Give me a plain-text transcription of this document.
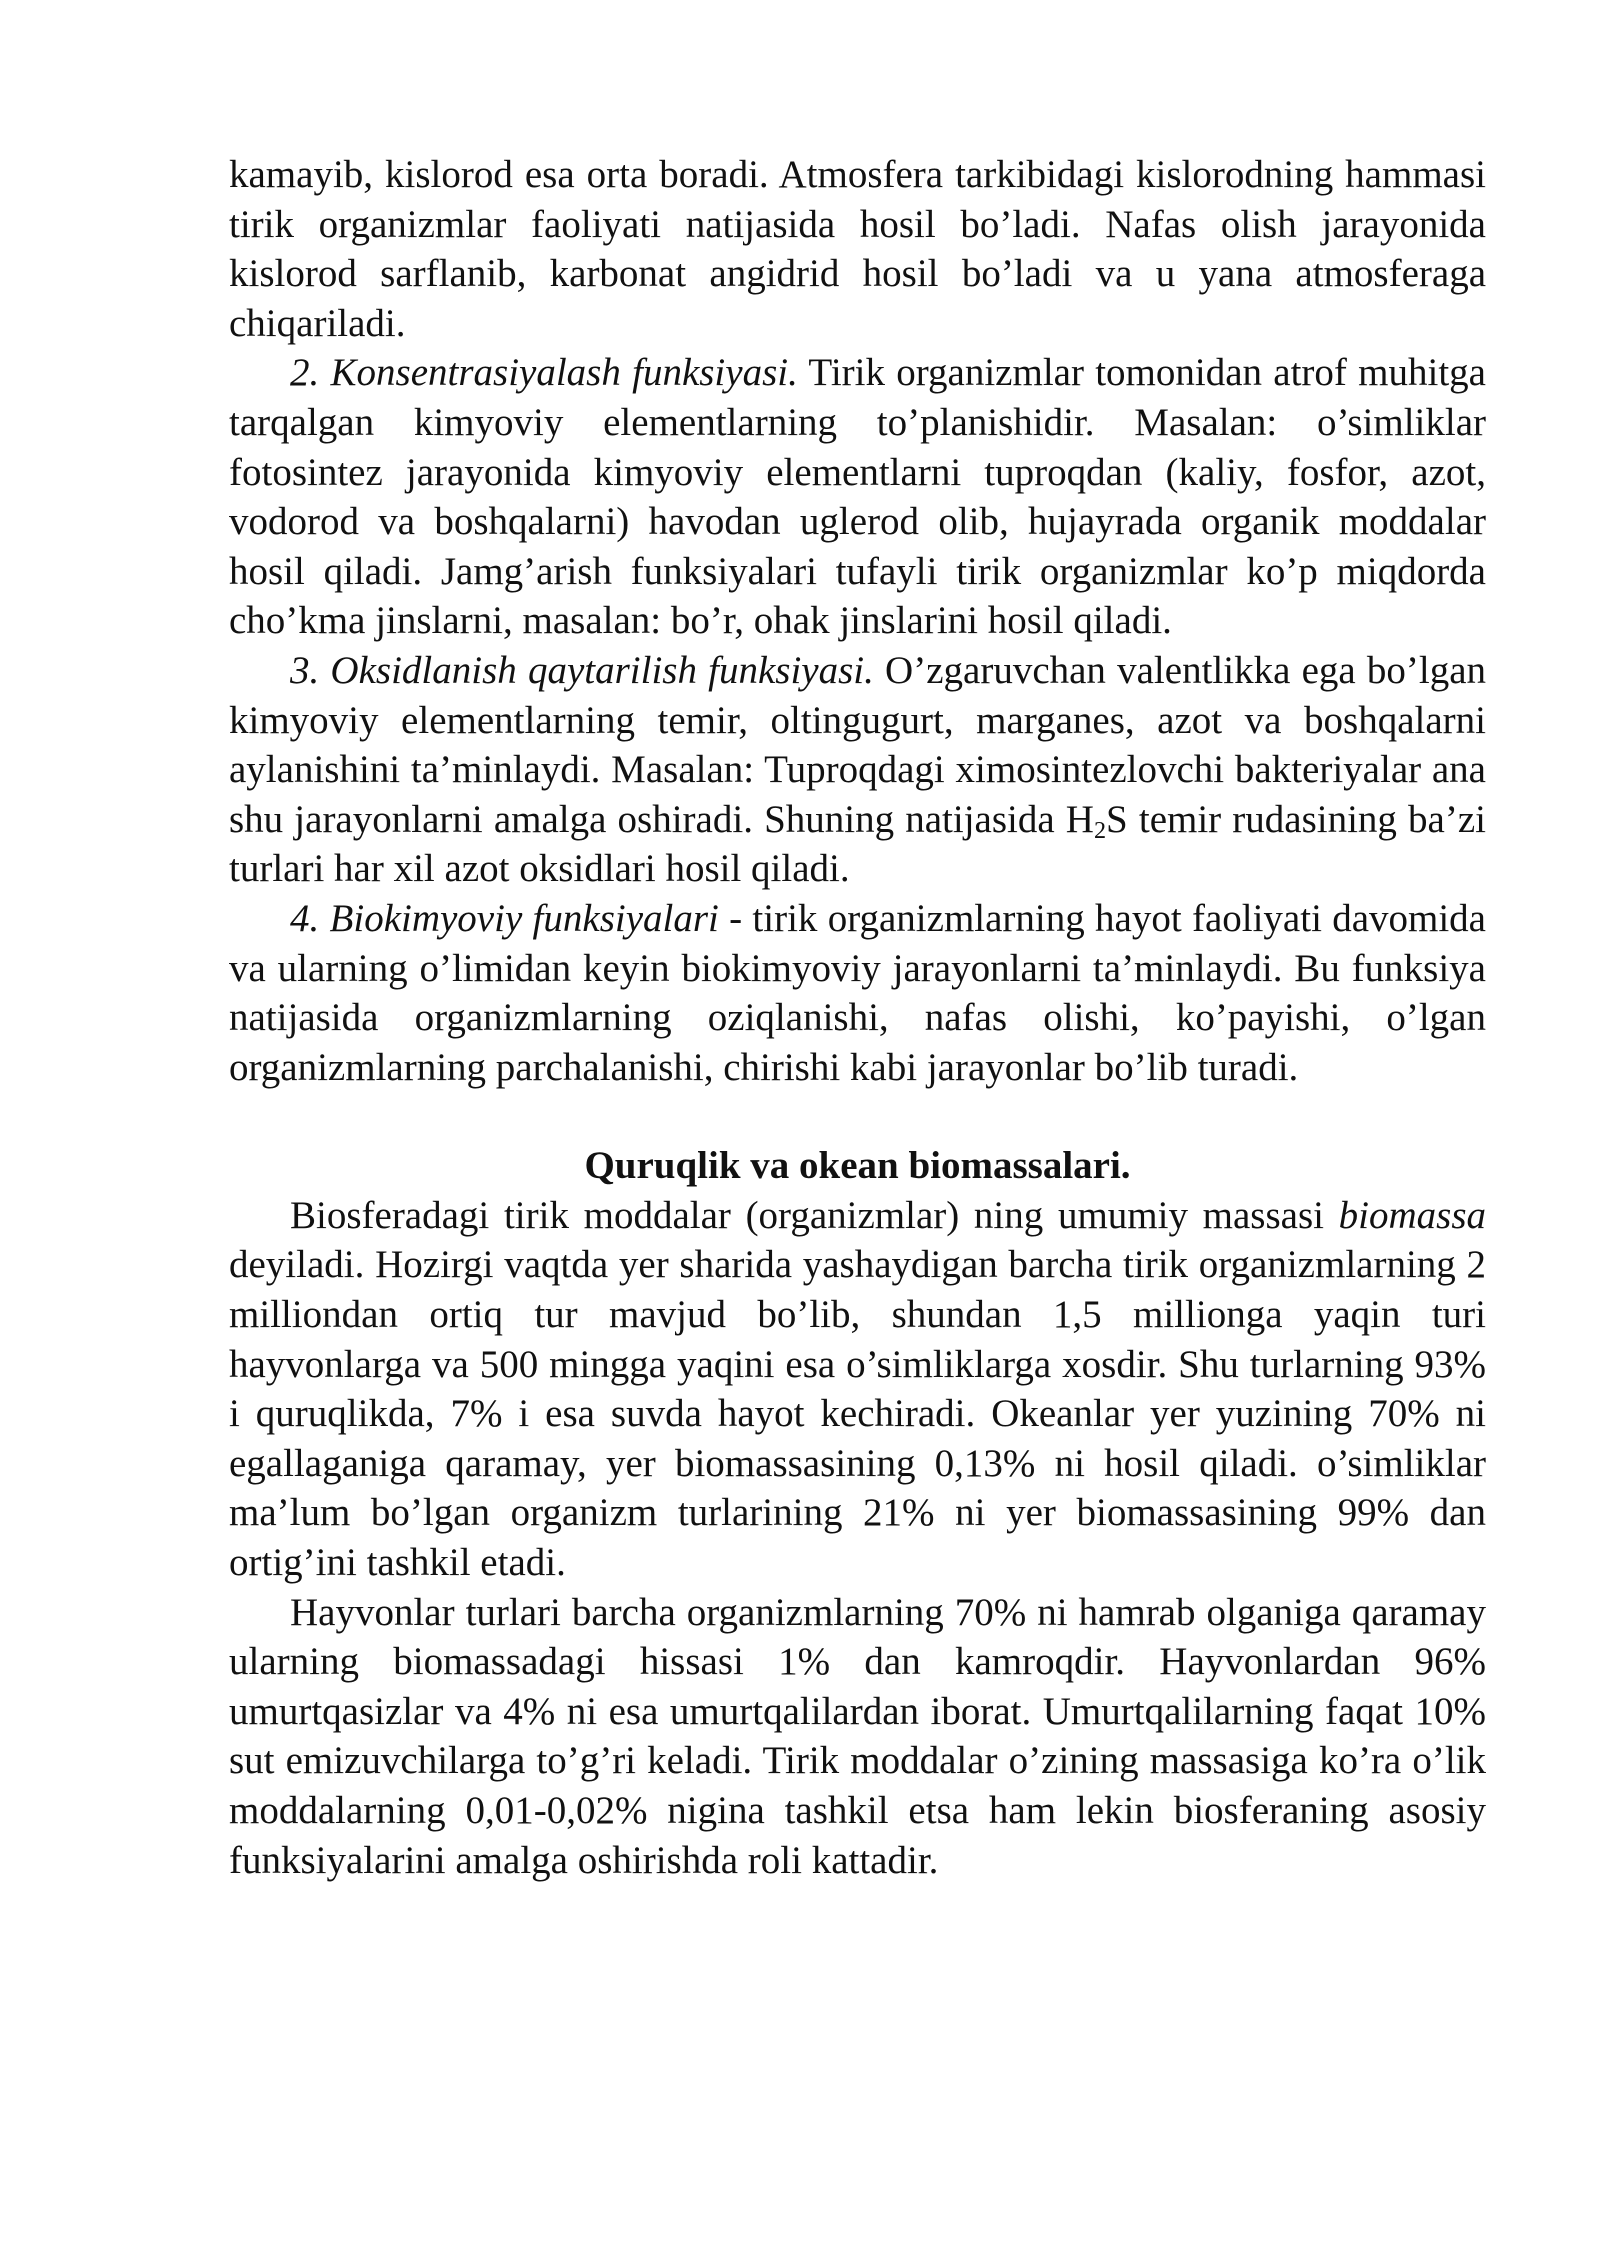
kamayib, kislorod esa orta boradi. Atmosfera tarkibidagi kislorodning hammasi tirik organizmlar faoliyati natijasida hosil bo’ladi. Nafas olish jarayonida kislorod sarflanib, karbonat angidrid hosil bo’ladi va u yana atmosferaga chiqariladi.

2. Konsentrasiyalash funksiyasi. Tirik organizmlar tomonidan atrof muhitga tarqalgan kimyoviy elementlarning to’planishidir. Masalan: o’simliklar fotosintez jarayonida kimyoviy elementlarni tuproqdan (kaliy, fosfor, azot, vodorod va boshqalarni) havodan uglerod olib, hujayrada organik moddalar hosil qiladi. Jamg’arish funksiyalari tufayli tirik organizmlar ko’p miqdorda cho’kma jinslarni, masalan: bo’r, ohak jinslarini hosil qiladi.

3. Oksidlanish qaytarilish funksiyasi. O’zgaruvchan valentlikka ega bo’lgan kimyoviy elementlarning temir, oltingugurt, marganes, azot va boshqalarni aylanishini ta’minlaydi. Masalan: Tuproqdagi ximosintezlovchi bakteriyalar ana shu jarayonlarni amalga oshiradi. Shuning natijasida $H_2S$ temir rudasining ba’zi turlari har xil azot oksidlari hosil qiladi.

4. Biokimyoviy funksiyalari - tirik organizmlarning hayot faoliyati davomida va ularning o’limidan keyin biokimyoviy jarayonlarni ta’minlaydi. Bu funksiya natijasida organizmlarning oziqlanishi, nafas olishi, ko’payishi, o’lgan organizmlarning parchalanishi, chirishi kabi jarayonlar bo’lib turadi.

Quruqlik va okean biomassalari.

Biosferadagi tirik moddalar (organizmlar) ning umumiy massasi biomassa deyiladi. Hozirgi vaqtda yer sharida yashaydigan barcha tirik organizmlarning 2 milliondan ortiq tur mavjud bo’lib, shundan 1,5 millionga yaqin turi hayvonlarga va 500 mingga yaqini esa o’simliklarga xosdir. Shu turlarning 93% i quruqlikda, 7% i esa suvda hayot kechiradi. Okeanlar yer yuzining 70% ni egallaganiga qaramay, yer biomassasining 0,13% ni hosil qiladi. o’simliklar ma’lum bo’lgan organizm turlarining 21% ni yer biomassasining 99% dan ortig’ini tashkil etadi.

Hayvonlar turlari barcha organizmlarning 70% ni hamrab olganiga qaramay ularning biomassadagi hissasi 1% dan kamroqdir. Hayvonlardan 96% umurtqasizlar va 4% ni esa umurtqalilardan iborat. Umurtqalilarning faqat 10% sut emizuvchilarga to’g’ri keladi. Tirik moddalar o’zining massasiga ko’ra o’lik moddalarning 0,01-0,02% nigina tashkil etsa ham lekin biosferaning asosiy funksiyalarini amalga oshirishda roli kattadir.
